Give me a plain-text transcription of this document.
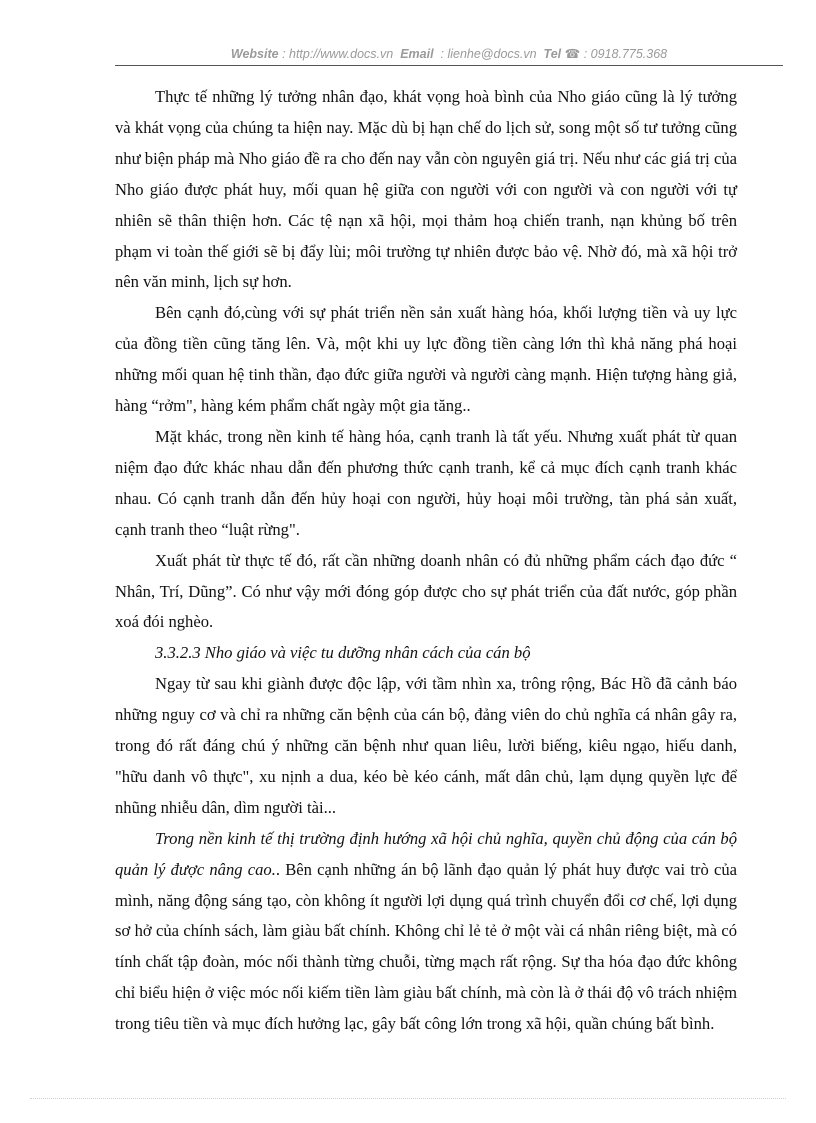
Website : http://www.docs.vn Email : lienhe@docs.vn Tel ☎ : 0918.775.368

Thực tế những lý tưởng nhân đạo, khát vọng hoà bình của Nho giáo cũng là lý tưởng và khát vọng của chúng ta hiện nay. Mặc dù bị hạn chế do lịch sử, song một số tư tưởng cũng như biện pháp mà Nho giáo đề ra cho đến nay vẫn còn nguyên giá trị. Nếu như các giá trị của Nho giáo được phát huy, mối quan hệ giữa con người với con người và con người với tự nhiên sẽ thân thiện hơn. Các tệ nạn xã hội, mọi thảm hoạ chiến tranh, nạn khủng bố trên phạm vi toàn thế giới sẽ bị đẩy lùi; môi trường tự nhiên được bảo vệ. Nhờ đó, mà xã hội trở nên văn minh, lịch sự hơn.

Bên cạnh đó,cùng với sự phát triển nền sản xuất hàng hóa, khối lượng tiền và uy lực của đồng tiền cũng tăng lên. Và, một khi uy lực đồng tiền càng lớn thì khả năng phá hoại những mối quan hệ tinh thần, đạo đức giữa người và người càng mạnh. Hiện tượng hàng giả, hàng “rởm", hàng kém phẩm chất ngày một gia tăng..

Mặt khác, trong nền kinh tế hàng hóa, cạnh tranh là tất yếu. Nhưng xuất phát từ quan niệm đạo đức khác nhau dẫn đến phương thức cạnh tranh, kể cả mục đích cạnh tranh khác nhau. Có cạnh tranh dẫn đến hủy hoại con người, hủy hoại môi trường, tàn phá sản xuất, cạnh tranh theo “luật rừng".

Xuất phát từ thực tế đó, rất cần những doanh nhân có đủ những phẩm cách đạo đức “ Nhân, Trí, Dũng”. Có như vậy mới đóng góp được cho sự phát triển của đất nước, góp phần xoá đói nghèo.

3.3.2.3 Nho giáo và việc tu dưỡng nhân cách của cán bộ

Ngay từ sau khi giành được độc lập, với tầm nhìn xa, trông rộng, Bác Hồ đã cảnh báo những nguy cơ và chỉ ra những căn bệnh của cán bộ, đảng viên do chủ nghĩa cá nhân gây ra, trong đó rất đáng chú ý những căn bệnh như quan liêu, lười biếng, kiêu ngạo, hiếu danh, "hữu danh vô thực", xu nịnh a dua, kéo bè kéo cánh, mất dân chủ, lạm dụng quyền lực để nhũng nhiễu dân, dìm người tài...

Trong nền kinh tế thị trường định hướng xã hội chủ nghĩa, quyền chủ động của cán bộ quản lý được nâng cao.. Bên cạnh những án bộ lãnh đạo quản lý phát huy được vai trò của mình, năng động sáng tạo, còn không ít người lợi dụng quá trình chuyển đổi cơ chế, lợi dụng sơ hở của chính sách, làm giàu bất chính. Không chỉ lẻ tẻ ở một vài cá nhân riêng biệt, mà có tính chất tập đoàn, móc nối thành từng chuỗi, từng mạch rất rộng. Sự tha hóa đạo đức không chỉ biểu hiện ở việc móc nối kiếm tiền làm giàu bất chính, mà còn là ở thái độ vô trách nhiệm trong tiêu tiền và mục đích hưởng lạc, gây bất công lớn trong xã hội, quần chúng bất bình.
